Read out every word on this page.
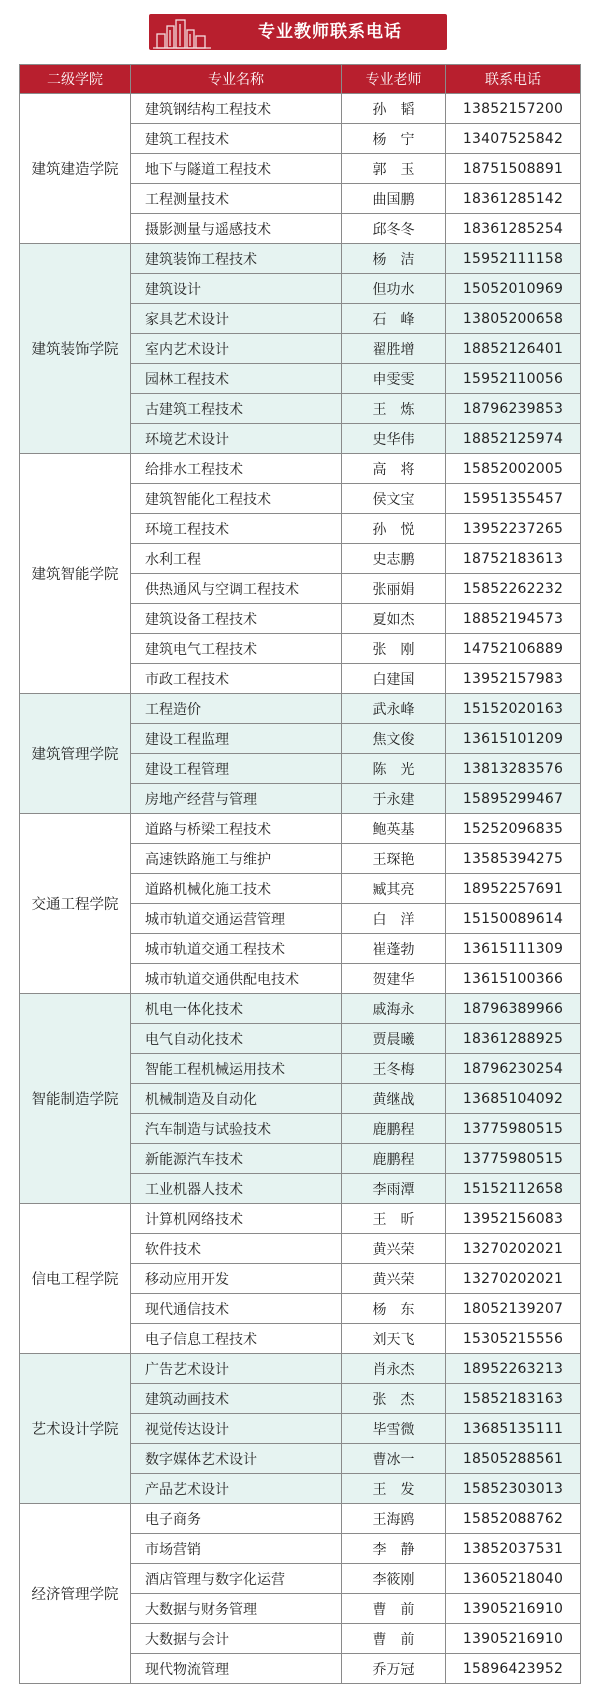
专业教师联系电话
二级学院	专业名称	专业老师	联系电话
建筑建造学院	建筑钢结构工程技术	孙　韬	13852157200
	建筑工程技术	杨　宁	13407525842
	地下与隧道工程技术	郭　玉	18751508891
	工程测量技术	曲国鹏	18361285142
	摄影测量与遥感技术	邱冬冬	18361285254
建筑装饰学院	建筑装饰工程技术	杨　洁	15952111158
	建筑设计	但功水	15052010969
	家具艺术设计	石　峰	13805200658
	室内艺术设计	翟胜增	18852126401
	园林工程技术	申雯雯	15952110056
	古建筑工程技术	王　炼	18796239853
	环境艺术设计	史华伟	18852125974
建筑智能学院	给排水工程技术	高　将	15852002005
	建筑智能化工程技术	侯文宝	15951355457
	环境工程技术	孙　悦	13952237265
	水利工程	史志鹏	18752183613
	供热通风与空调工程技术	张丽娟	15852262232
	建筑设备工程技术	夏如杰	18852194573
	建筑电气工程技术	张　刚	14752106889
	市政工程技术	白建国	13952157983
建筑管理学院	工程造价	武永峰	15152020163
	建设工程监理	焦文俊	13615101209
	建设工程管理	陈　光	13813283576
	房地产经营与管理	于永建	15895299467
交通工程学院	道路与桥梁工程技术	鲍英基	15252096835
	高速铁路施工与维护	王琛艳	13585394275
	道路机械化施工技术	臧其亮	18952257691
	城市轨道交通运营管理	白　洋	15150089614
	城市轨道交通工程技术	崔蓬勃	13615111309
	城市轨道交通供配电技术	贺建华	13615100366
智能制造学院	机电一体化技术	戚海永	18796389966
	电气自动化技术	贾晨曦	18361288925
	智能工程机械运用技术	王冬梅	18796230254
	机械制造及自动化	黄继战	13685104092
	汽车制造与试验技术	鹿鹏程	13775980515
	新能源汽车技术	鹿鹏程	13775980515
	工业机器人技术	李雨潭	15152112658
信电工程学院	计算机网络技术	王　昕	13952156083
	软件技术	黄兴荣	13270202021
	移动应用开发	黄兴荣	13270202021
	现代通信技术	杨　东	18052139207
	电子信息工程技术	刘天飞	15305215556
艺术设计学院	广告艺术设计	肖永杰	18952263213
	建筑动画技术	张　杰	15852183163
	视觉传达设计	毕雪微	13685135111
	数字媒体艺术设计	曹冰一	18505288561
	产品艺术设计	王　发	15852303013
经济管理学院	电子商务	王海鸥	15852088762
	市场营销	李　静	13852037531
	酒店管理与数字化运营	李筱刚	13605218040
	大数据与财务管理	曹　前	13905216910
	大数据与会计	曹　前	13905216910
	现代物流管理	乔万冠	15896423952
